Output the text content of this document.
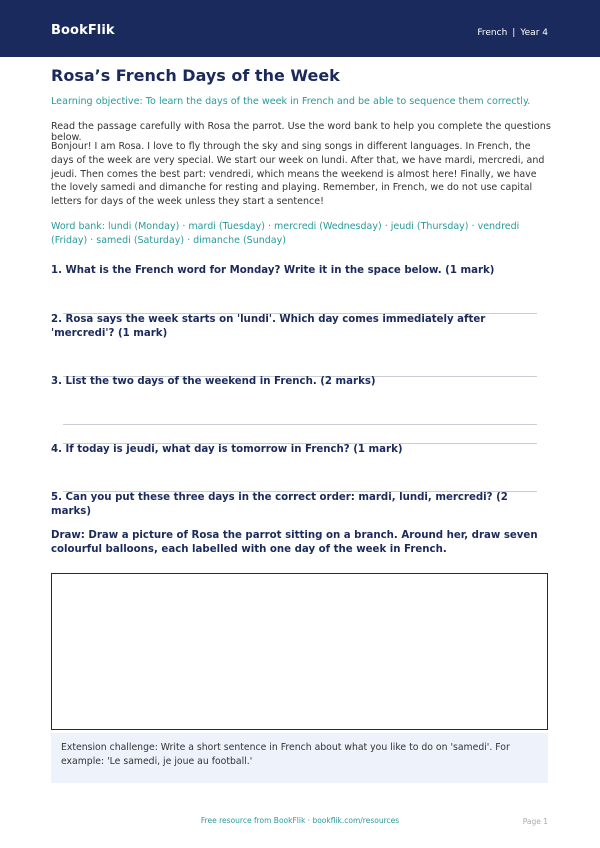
BookFlik	French | Year 4
Rosa’s French Days of the Week
Learning objective: To learn the days of the week in French and be able to sequence them correctly.
Read the passage carefully with Rosa the parrot. Use the word bank to help you complete the questions below.
Bonjour! I am Rosa. I love to fly through the sky and sing songs in different languages. In French, the days of the week are very special. We start our week on lundi. After that, we have mardi, mercredi, and jeudi. Then comes the best part: vendredi, which means the weekend is almost here! Finally, we have the lovely samedi and dimanche for resting and playing. Remember, in French, we do not use capital letters for days of the week unless they start a sentence!
Word bank: lundi (Monday) · mardi (Tuesday) · mercredi (Wednesday) · jeudi (Thursday) · vendredi (Friday) · samedi (Saturday) · dimanche (Sunday)
1. What is the French word for Monday? Write it in the space below. (1 mark)
2. Rosa says the week starts on 'lundi'. Which day comes immediately after 'mercredi'? (1 mark)
3. List the two days of the weekend in French. (2 marks)
4. If today is jeudi, what day is tomorrow in French? (1 mark)
5. Can you put these three days in the correct order: mardi, lundi, mercredi? (2 marks)
Draw: Draw a picture of Rosa the parrot sitting on a branch. Around her, draw seven colourful balloons, each labelled with one day of the week in French.
Extension challenge: Write a short sentence in French about what you like to do on 'samedi'. For example: 'Le samedi, je joue au football.'
Free resource from BookFlik · bookflik.com/resources	Page 1
